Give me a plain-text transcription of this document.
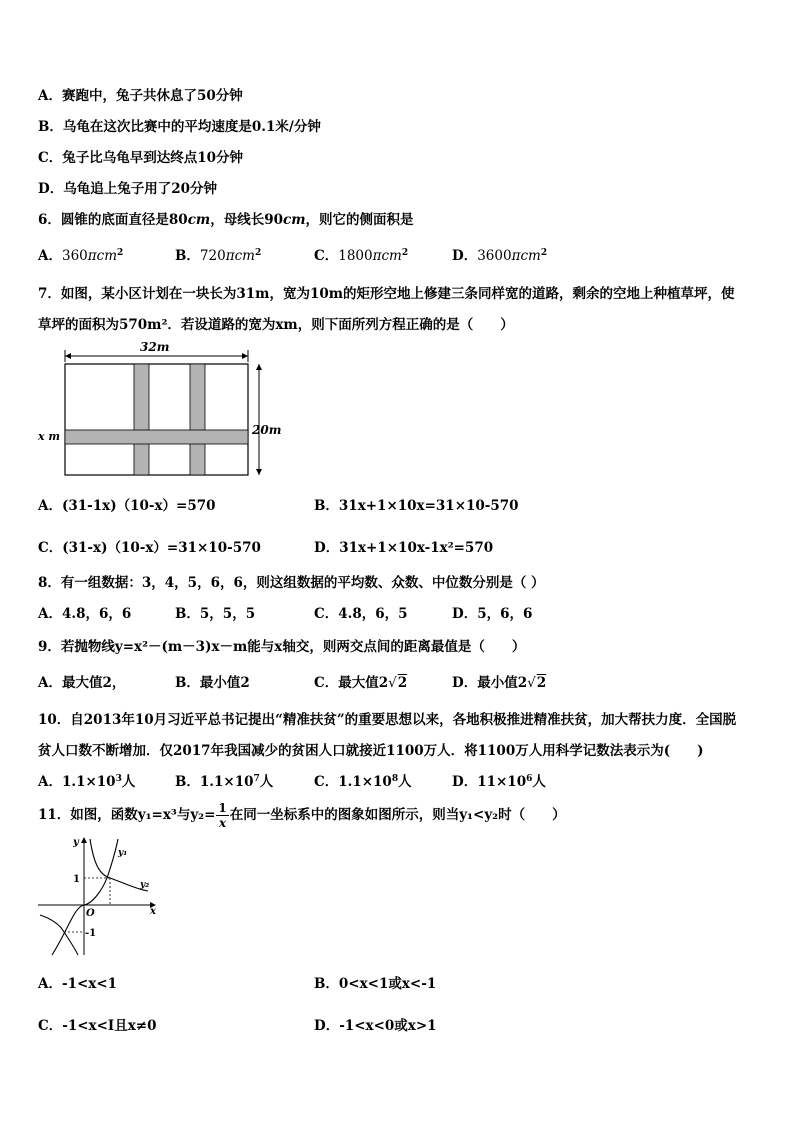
A．赛跑中，兔子共休息了50分钟
B．乌龟在这次比赛中的平均速度是0.1米/分钟
C．兔子比乌龟早到达终点10分钟
D．乌龟追上兔子用了20分钟
6．圆锥的底面直径是80cm，母线长90cm，则它的侧面积是
A．360πcm$^2$	B．720πcm$^2$	C．1800πcm$^2$	D．3600πcm$^2$
7．如图，某小区计划在一块长为31m，宽为10m的矩形空地上修建三条同样宽的道路，剩余的空地上种植草坪，使
草坪的面积为570m²．若设道路的宽为xm，则下面所列方程正确的是（　　）
32m
20m
x m
A．(31-1x)（10-x）=570	B．31x+1×10x=31×10-570
C．(31-x)（10-x）=31×10-570	D．31x+1×10x-1x²=570
8．有一组数据：3，4，5，6，6，则这组数据的平均数、众数、中位数分别是（ ）
A．4.8，6，6	B．5，5，5	C．4.8，6，5	D．5，6，6
9．若抛物线y=x²－(m－3)x－m能与x轴交，则两交点间的距离最值是（　　）
A．最大值2，	B．最小值2	C．最大值2√2	D．最小值2√2
10．自2013年10月习近平总书记提出“精准扶贫”的重要思想以来，各地积极推进精准扶贫，加大帮扶力度．全国脱
贫人口数不断增加．仅2017年我国减少的贫困人口就接近1100万人．将1100万人用科学记数法表示为(　　)
A．$1.1\times 10^3$人	B．$1.1\times 10^7$人	C．$1.1\times 10^8$人	D．$11\times 10^6$人
11．如图，函数y₁=x³与$y_2= \frac{1}{x}$ 在同一坐标系中的图象如图所示，则当y₁<y₂时（　　）
y
x
O
1
-1
y₁
y₂
A．-1<x<1	B．0<x<1或x<-1
C．-1<x<I且x≠0	D．-1<x<0或x>1
